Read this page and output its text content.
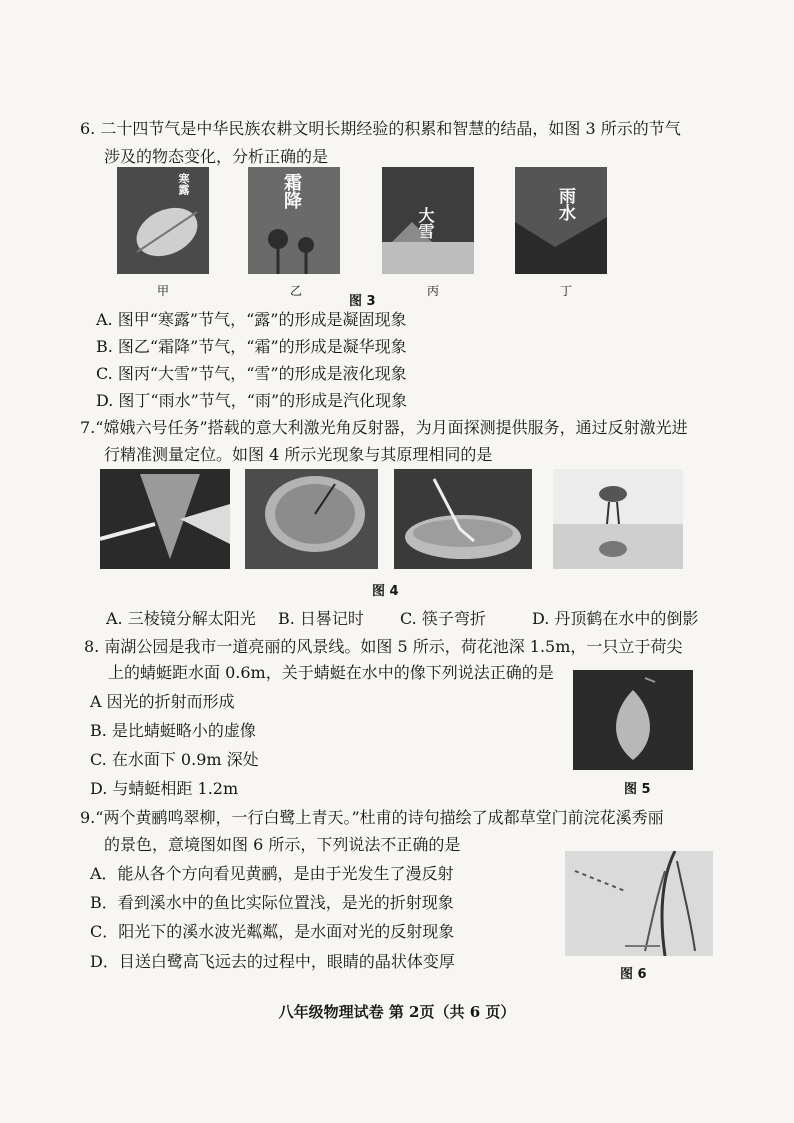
6. 二十四节气是中华民族农耕文明长期经验的积累和智慧的结晶，如图 3 所示的节气
涉及的物态变化，分析正确的是
寒露	霜降
大雪
雨水
甲	乙	丙	丁
图 3
A. 图甲“寒露”节气，“露”的形成是凝固现象
B. 图乙“霜降”节气，“霜”的形成是凝华现象
C. 图丙“大雪”节气，“雪”的形成是液化现象
D. 图丁“雨水”节气，“雨”的形成是汽化现象
7.“嫦娥六号任务”搭载的意大利激光角反射器，为月面探测提供服务，通过反射激光进
行精准测量定位。如图 4 所示光现象与其原理相同的是
图 4
A. 三棱镜分解太阳光 B. 日晷记时 C. 筷子弯折	D. 丹顶鹤在水中的倒影
8. 南湖公园是我市一道亮丽的风景线。如图 5 所示，荷花池深 1.5m，一只立于荷尖
上的蜻蜓距水面 0.6m，关于蜻蜓在水中的像下列说法正确的是
图 5
A 因光的折射而形成
B. 是比蜻蜓略小的虚像
C. 在水面下 0.9m 深处
D. 与蜻蜓相距 1.2m
9.“两个黄鹂鸣翠柳，一行白鹭上青天。”杜甫的诗句描绘了成都草堂门前浣花溪秀丽
的景色，意境图如图 6 所示，下列说法不正确的是
图 6
A．能从各个方向看见黄鹂，是由于光发生了漫反射
B．看到溪水中的鱼比实际位置浅，是光的折射现象
C．阳光下的溪水波光粼粼，是水面对光的反射现象
D．目送白鹭高飞远去的过程中，眼睛的晶状体变厚
八年级物理试卷 第 2页（共 6 页）
